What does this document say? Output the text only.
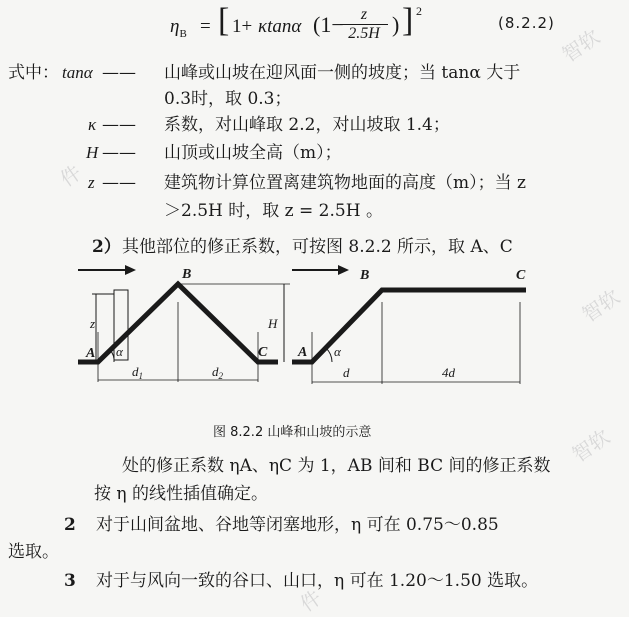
智软
智软
智软
件
件
$\eta_B$ = [ 1+ κtanα (1−	z
2.5H ) ] 2
(8.2.2)
式中： tanα —— 山峰或山坡在迎风面一侧的坡度；当 tanα 大于
0.3时，取 0.3；
κ —— 系数，对山峰取 2.2，对山坡取 1.4；
H —— 山顶或山坡全高（m）；
z —— 建筑物计算位置离建筑物地面的高度（m）；当 z
＞2.5H 时，取 z = 2.5H 。
2） 其他部位的修正系数，可按图 8.2.2 所示，取 A、C
A
B
C A
B	C
α
z	H
$d_1$	$d_2$
α
d	4d
图 8.2.2 山峰和山坡的示意
处的修正系数 ηA、ηC 为 1，AB 间和 BC 间的修正系数
按 η 的线性插值确定。
2 对于山间盆地、谷地等闭塞地形，η 可在 0.75～0.85
选取。
3 对于与风向一致的谷口、山口，η 可在 1.20～1.50 选取。
